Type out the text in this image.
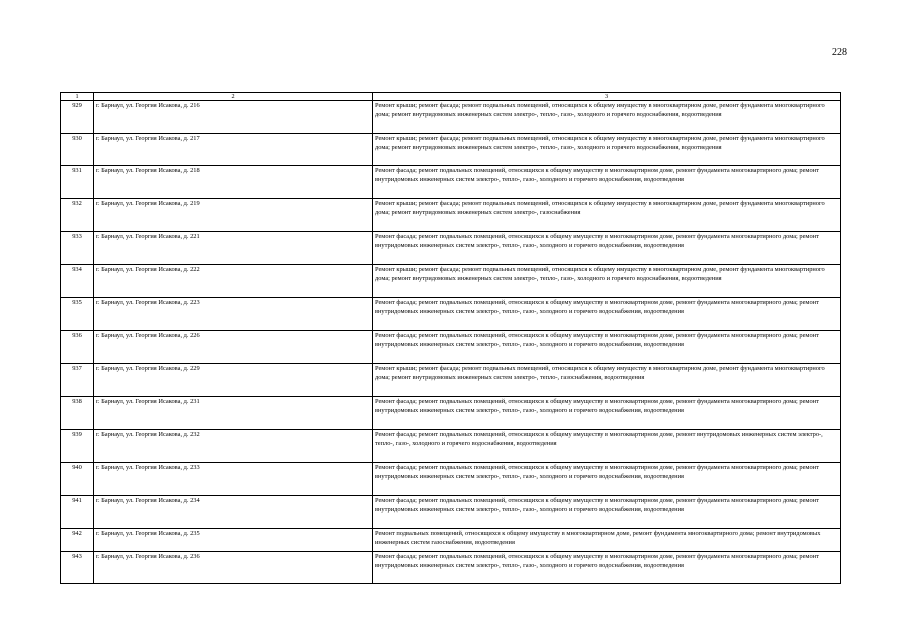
228
1	2	3
929	г. Барнаул, ул. Георгия Исакова, д. 216	Ремонт крыши; ремонт фасада; ремонт подвальных помещений, относящихся к общему имуществу в многоквартирном доме, ремонт фундамента многоквартирного дома; ремонт внутридомовых инженерных систем электро-, тепло-, газо-, холодного и горячего водоснабжения, водоотведения
930	г. Барнаул, ул. Георгия Исакова, д. 217	Ремонт крыши; ремонт фасада; ремонт подвальных помещений, относящихся к общему имуществу в многоквартирном доме, ремонт фундамента многоквартирного дома; ремонт внутридомовых инженерных систем электро-, тепло-, газо-, холодного и горячего водоснабжения, водоотведения
931	г. Барнаул, ул. Георгия Исакова, д. 218	Ремонт фасада; ремонт подвальных помещений, относящихся к общему имуществу в многоквартирном доме, ремонт фундамента многоквартирного дома; ремонт внутридомовых инженерных систем электро-, тепло-, газо-, холодного и горячего водоснабжения, водоотведения
932	г. Барнаул, ул. Георгия Исакова, д. 219	Ремонт крыши; ремонт фасада; ремонт подвальных помещений, относящихся к общему имуществу в многоквартирном доме, ремонт фундамента многоквартирного дома; ремонт внутридомовых инженерных систем электро-, газоснабжения
933	г. Барнаул, ул. Георгия Исакова, д. 221	Ремонт фасада; ремонт подвальных помещений, относящихся к общему имуществу в многоквартирном доме, ремонт фундамента многоквартирного дома; ремонт внутридомовых инженерных систем электро-, тепло-, газо-, холодного и горячего водоснабжения, водоотведения
934	г. Барнаул, ул. Георгия Исакова, д. 222	Ремонт крыши; ремонт фасада; ремонт подвальных помещений, относящихся к общему имуществу в многоквартирном доме, ремонт фундамента многоквартирного дома; ремонт внутридомовых инженерных систем электро-, тепло-, газо-, холодного и горячего водоснабжения, водоотведения
935	г. Барнаул, ул. Георгия Исакова, д. 223	Ремонт фасада; ремонт подвальных помещений, относящихся к общему имуществу в многоквартирном доме, ремонт фундамента многоквартирного дома; ремонт внутридомовых инженерных систем электро-, тепло-, газо-, холодного и горячего водоснабжения, водоотведения
936	г. Барнаул, ул. Георгия Исакова, д. 226	Ремонт фасада; ремонт подвальных помещений, относящихся к общему имуществу в многоквартирном доме, ремонт фундамента многоквартирного дома; ремонт внутридомовых инженерных систем электро-, тепло-, газо-, холодного и горячего водоснабжения, водоотведения
937	г. Барнаул, ул. Георгия Исакова, д. 229	Ремонт крыши; ремонт фасада; ремонт подвальных помещений, относящихся к общему имуществу в многоквартирном доме, ремонт фундамента многоквартирного дома; ремонт внутридомовых инженерных систем электро-, тепло-, газоснабжения, водоотведения
938	г. Барнаул, ул. Георгия Исакова, д. 231	Ремонт фасада; ремонт подвальных помещений, относящихся к общему имуществу в многоквартирном доме, ремонт фундамента многоквартирного дома; ремонт внутридомовых инженерных систем электро-, тепло-, газо-, холодного и горячего водоснабжения, водоотведения
939	г. Барнаул, ул. Георгия Исакова, д. 232	Ремонт фасада; ремонт подвальных помещений, относящихся к общему имуществу в многоквартирном доме, ремонт внутридомовых инженерных систем электро-, тепло-, газо-, холодного и горячего водоснабжения, водоотведения
940	г. Барнаул, ул. Георгия Исакова, д. 233	Ремонт фасада; ремонт подвальных помещений, относящихся к общему имуществу в многоквартирном доме, ремонт фундамента многоквартирного дома; ремонт внутридомовых инженерных систем электро-, тепло-, газо-, холодного и горячего водоснабжения, водоотведения
941	г. Барнаул, ул. Георгия Исакова, д. 234	Ремонт фасада; ремонт подвальных помещений, относящихся к общему имуществу в многоквартирном доме, ремонт фундамента многоквартирного дома; ремонт внутридомовых инженерных систем электро-, тепло-, газо-, холодного и горячего водоснабжения, водоотведения
942	г. Барнаул, ул. Георгия Исакова, д. 235	Ремонт подвальных помещений, относящихся к общему имуществу в многоквартирном доме, ремонт фундамента многоквартирного дома; ремонт внутридомовых инженерных систем газоснабжения, водоотведения
943	г. Барнаул, ул. Георгия Исакова, д. 236	Ремонт фасада; ремонт подвальных помещений, относящихся к общему имуществу в многоквартирном доме, ремонт фундамента многоквартирного дома; ремонт внутридомовых инженерных систем электро-, тепло-, газо-, холодного и горячего водоснабжения, водоотведения
